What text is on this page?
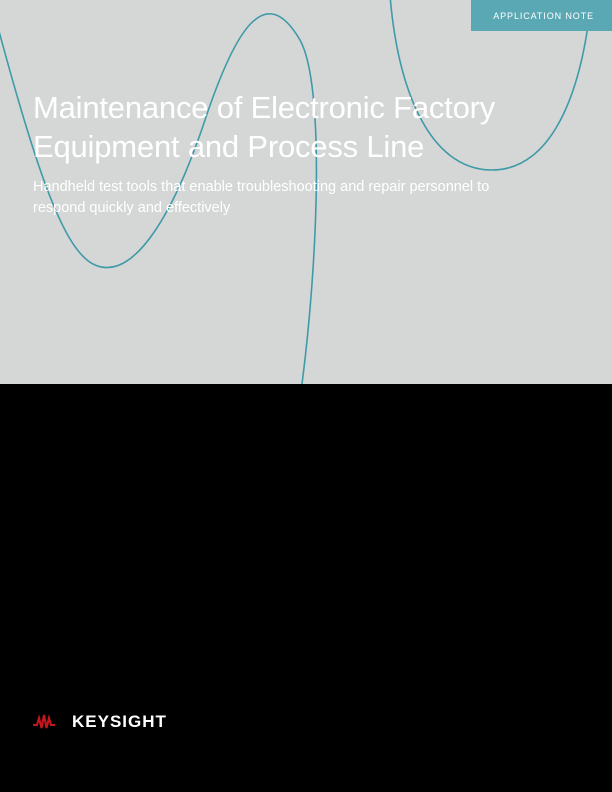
APPLICATION NOTE
Maintenance of Electronic Factory Equipment and Process Line

Handheld test tools that enable troubleshooting and repair personnel to respond quickly and effectively

KEYSIGHT
